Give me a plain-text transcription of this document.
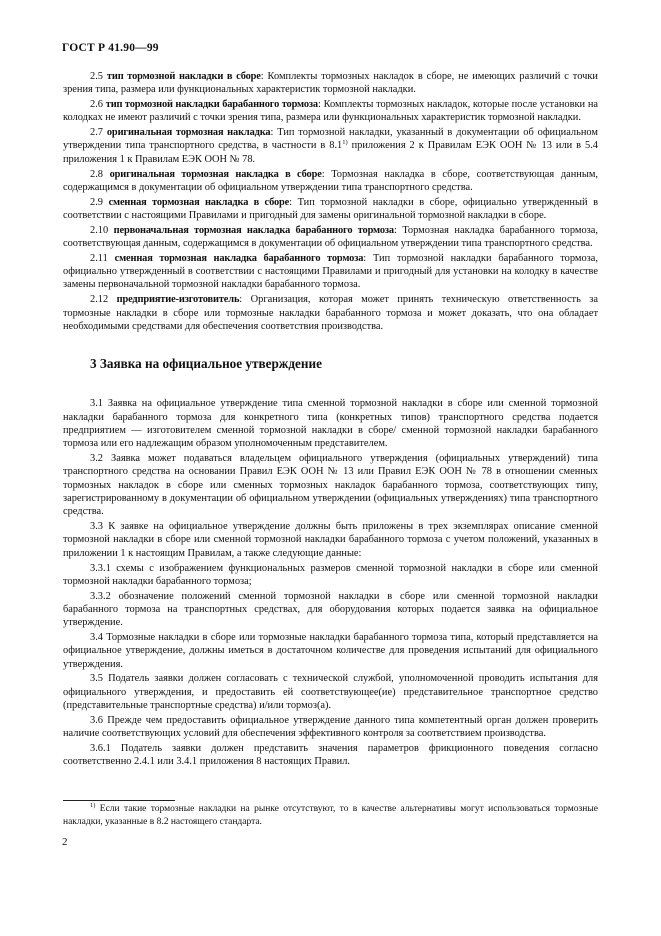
ГОСТ Р 41.90—99

2.5 тип тормозной накладки в сборе: Комплекты тормозных накладок в сборе, не имеющих различий с точки зрения типа, размера или функциональных характеристик тормозной накладки.

2.6 тип тормозной накладки барабанного тормоза: Комплекты тормозных накладок, которые после установки на колодках не имеют различий с точки зрения типа, размера или функциональных характеристик тормозной накладки.

2.7 оригинальная тормозная накладка: Тип тормозной накладки, указанный в документации об официальном утверждении типа транспортного средства, в частности в 8.1$^{1)}$ приложения 2 к Правилам ЕЭК ООН № 13 или в 5.4 приложения 1 к Правилам ЕЭК ООН № 78.

2.8 оригинальная тормозная накладка в сборе: Тормозная накладка в сборе, соответствующая данным, содержащимся в документации об официальном утверждении типа транспортного средства.

2.9 сменная тормозная накладка в сборе: Тип тормозной накладки в сборе, официально утвержденный в соответствии с настоящими Правилами и пригодный для замены оригинальной тормозной накладки в сборе.

2.10 первоначальная тормозная накладка барабанного тормоза: Тормозная накладка барабанного тормоза, соответствующая данным, содержащимся в документации об официальном утверждении типа транспортного средства.

2.11 сменная тормозная накладка барабанного тормоза: Тип тормозной накладки барабанного тормоза, официально утвержденный в соответствии с настоящими Правилами и пригодный для установки на колодку в качестве замены первоначальной тормозной накладки барабанного тормоза.

2.12 предприятие-изготовитель: Организация, которая может принять техническую ответственность за тормозные накладки в сборе или тормозные накладки барабанного тормоза и может доказать, что она обладает необходимыми средствами для обеспечения соответствия производства.

3 Заявка на официальное утверждение

3.1 Заявка на официальное утверждение типа сменной тормозной накладки в сборе или сменной тормозной накладки барабанного тормоза для конкретного типа (конкретных типов) транспортного средства подается предприятием — изготовителем сменной тормозной накладки в сборе/ сменной тормозной накладки барабанного тормоза или его надлежащим образом уполномоченным представителем.

3.2 Заявка может подаваться владельцем официального утверждения (официальных утверждений) типа транспортного средства на основании Правил ЕЭК ООН № 13 или Правил ЕЭК ООН № 78 в отношении сменных тормозных накладок в сборе или сменных тормозных накладок барабанного тормоза, соответствующих типу, зарегистрированному в документации об официальном утверждении (официальных утверждениях) типа транспортного средства.

3.3 К заявке на официальное утверждение должны быть приложены в трех экземплярах описание сменной тормозной накладки в сборе или сменной тормозной накладки барабанного тормоза с учетом положений, указанных в приложении 1 к настоящим Правилам, а также следующие данные:

3.3.1 схемы с изображением функциональных размеров сменной тормозной накладки в сборе или сменной тормозной накладки барабанного тормоза;

3.3.2 обозначение положений сменной тормозной накладки в сборе или сменной тормозной накладки барабанного тормоза на транспортных средствах, для оборудования которых подается заявка на официальное утверждение.

3.4 Тормозные накладки в сборе или тормозные накладки барабанного тормоза типа, который представляется на официальное утверждение, должны иметься в достаточном количестве для проведения испытаний для официального утверждения.

3.5 Податель заявки должен согласовать с технической службой, уполномоченной проводить испытания для официального утверждения, и предоставить ей соответствующее(ие) представительное транспортное средство (представительные транспортные средства) и/или тормоз(а).

3.6 Прежде чем предоставить официальное утверждение данного типа компетентный орган должен проверить наличие соответствующих условий для обеспечения эффективного контроля за соответствием производства.

3.6.1 Податель заявки должен представить значения параметров фрикционного поведения согласно соответственно 2.4.1 или 3.4.1 приложения 8 настоящих Правил.

$^{1)}$ Если такие тормозные накладки на рынке отсутствуют, то в качестве альтернативы могут использоваться тормозные накладки, указанные в 8.2 настоящего стандарта.

2
